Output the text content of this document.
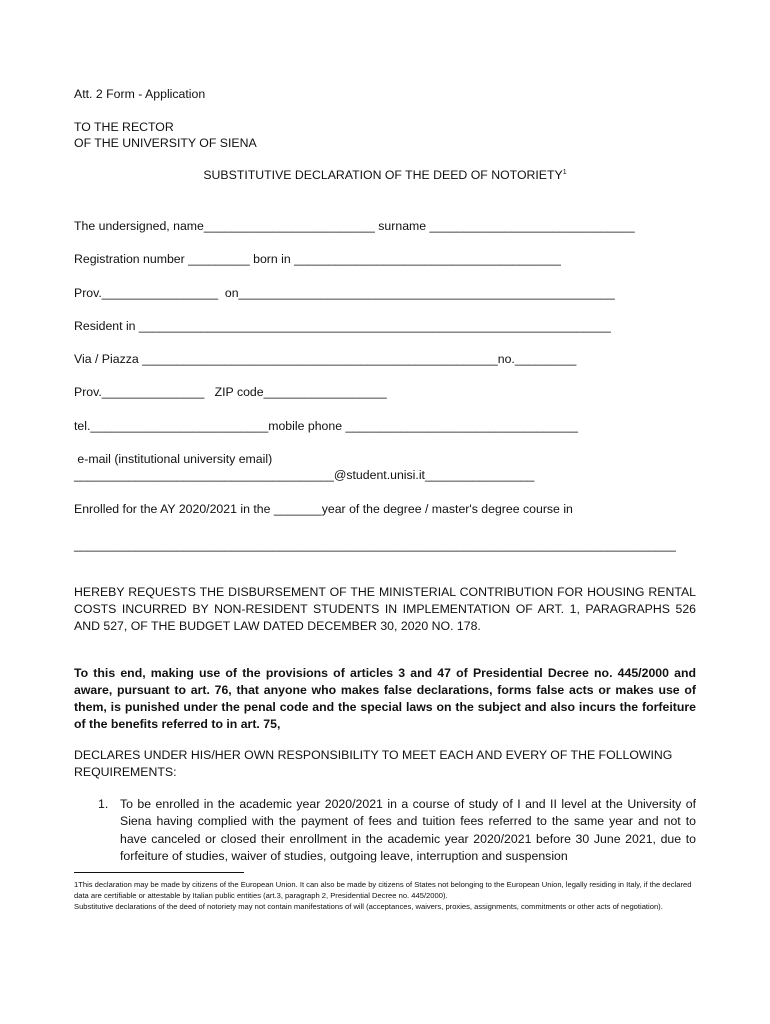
Att. 2 Form - Application
TO THE RECTOR
OF THE UNIVERSITY OF SIENA
SUBSTITUTIVE DECLARATION OF THE DEED OF NOTORIETY$^1$
The undersigned, name_________________________ surname ______________________________
Registration number _________ born in _______________________________________
Prov._________________  on_______________________________________________________
Resident in _____________________________________________________________________
Via / Piazza ____________________________________________________no._________
Prov._______________   ZIP code__________________
tel.__________________________mobile phone __________________________________
e-mail (institutional university email)
______________________________________@student.unisi.it________________
Enrolled for the AY 2020/2021 in the _______year of the degree / master's degree course in
________________________________________________________________________________________
HEREBY REQUESTS THE DISBURSEMENT OF THE MINISTERIAL CONTRIBUTION FOR HOUSING RENTAL COSTS INCURRED BY NON-RESIDENT STUDENTS IN IMPLEMENTATION OF ART. 1, PARAGRAPHS 526 AND 527, OF THE BUDGET LAW DATED DECEMBER 30, 2020 NO. 178.
To this end, making use of the provisions of articles 3 and 47 of Presidential Decree no. 445/2000 and aware, pursuant to art. 76, that anyone who makes false declarations, forms false acts or makes use of them, is punished under the penal code and the special laws on the subject and also incurs the forfeiture of the benefits referred to in art. 75,
DECLARES UNDER HIS/HER OWN RESPONSIBILITY TO MEET EACH AND EVERY OF THE FOLLOWING REQUIREMENTS:
1. To be enrolled in the academic year 2020/2021 in a course of study of I and II level at the University of Siena having complied with the payment of fees and tuition fees referred to the same year and not to have canceled or closed their enrollment in the academic year 2020/2021 before 30 June 2021, due to forfeiture of studies, waiver of studies, outgoing leave, interruption and suspension
1This declaration may be made by citizens of the European Union. It can also be made by citizens of States not belonging to the European Union, legally residing in Italy, if the declared data are certifiable or attestable by Italian public entities (art.3, paragraph 2, Presidential Decree no. 445/2000).
Substitutive declarations of the deed of notoriety may not contain manifestations of will (acceptances, waivers, proxies, assignments, commitments or other acts of negotiation).
